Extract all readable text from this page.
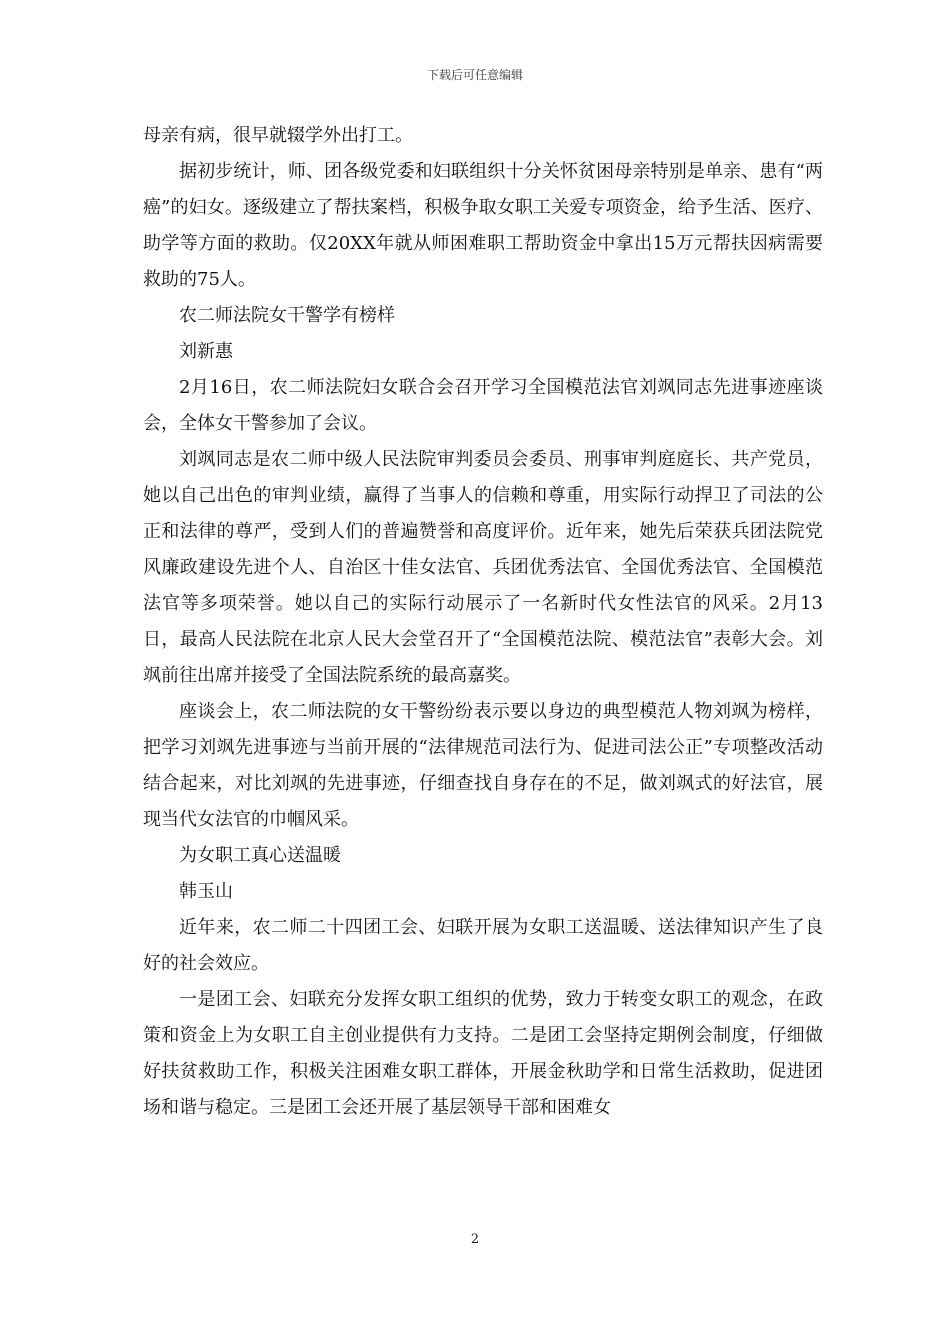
下载后可任意编辑

母亲有病，很早就辍学外出打工。

据初步统计，师、团各级党委和妇联组织十分关怀贫困母亲特别是单亲、患有“两癌”的妇女。逐级建立了帮扶案档，积极争取女职工关爱专项资金，给予生活、医疗、助学等方面的救助。仅20XX年就从师困难职工帮助资金中拿出15万元帮扶因病需要救助的75人。

农二师法院女干警学有榜样

刘新惠

2月16日，农二师法院妇女联合会召开学习全国模范法官刘飒同志先进事迹座谈会，全体女干警参加了会议。

刘飒同志是农二师中级人民法院审判委员会委员、刑事审判庭庭长、共产党员，她以自己出色的审判业绩，赢得了当事人的信赖和尊重，用实际行动捍卫了司法的公正和法律的尊严，受到人们的普遍赞誉和高度评价。近年来，她先后荣获兵团法院党风廉政建设先进个人、自治区十佳女法官、兵团优秀法官、全国优秀法官、全国模范法官等多项荣誉。她以自己的实际行动展示了一名新时代女性法官的风采。2月13日，最高人民法院在北京人民大会堂召开了“全国模范法院、模范法官”表彰大会。刘飒前往出席并接受了全国法院系统的最高嘉奖。

座谈会上，农二师法院的女干警纷纷表示要以身边的典型模范人物刘飒为榜样，把学习刘飒先进事迹与当前开展的“法律规范司法行为、促进司法公正”专项整改活动结合起来，对比刘飒的先进事迹，仔细查找自身存在的不足，做刘飒式的好法官，展现当代女法官的巾帼风采。

为女职工真心送温暖

韩玉山

近年来，农二师二十四团工会、妇联开展为女职工送温暖、送法律知识产生了良好的社会效应。

一是团工会、妇联充分发挥女职工组织的优势，致力于转变女职工的观念，在政策和资金上为女职工自主创业提供有力支持。二是团工会坚持定期例会制度，仔细做好扶贫救助工作，积极关注困难女职工群体，开展金秋助学和日常生活救助，促进团场和谐与稳定。三是团工会还开展了基层领导干部和困难女

2
